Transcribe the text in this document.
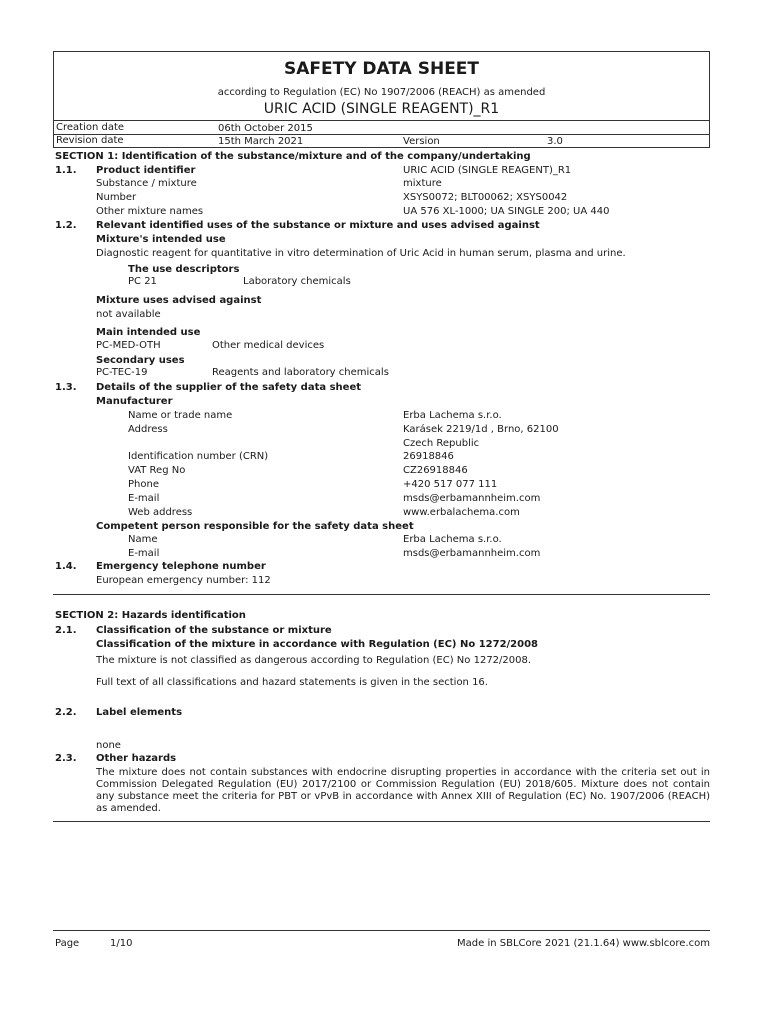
SAFETY DATA SHEET
according to Regulation (EC) No 1907/2006 (REACH) as amended
URIC ACID (SINGLE REAGENT)_R1
Creation date	06th October 2015
Revision date	15th March 2021	Version	3.0
SECTION 1: Identification of the substance/mixture and of the company/undertaking
1.1. Product identifier	URIC ACID (SINGLE REAGENT)_R1
Substance / mixture	mixture
Number	XSYS0072; BLT00062; XSYS0042
Other mixture names	UA 576 XL-1000; UA SINGLE 200; UA 440
1.2. Relevant identified uses of the substance or mixture and uses advised against
Mixture's intended use
Diagnostic reagent for quantitative in vitro determination of Uric Acid in human serum, plasma and urine.
The use descriptors
PC 21	Laboratory chemicals
Mixture uses advised against
not available
Main intended use
PC-MED-OTH	Other medical devices
Secondary uses
PC-TEC-19	Reagents and laboratory chemicals
1.3. Details of the supplier of the safety data sheet
Manufacturer
Name or trade name	Erba Lachema s.r.o.
Address	Karásek 2219/1d , Brno, 62100
Czech Republic
Identification number (CRN)	26918846
VAT Reg No	CZ26918846
Phone	+420 517 077 111
E-mail	msds@erbamannheim.com
Web address	www.erbalachema.com
Competent person responsible for the safety data sheet
Name	Erba Lachema s.r.o.
E-mail	msds@erbamannheim.com
1.4. Emergency telephone number
European emergency number: 112
SECTION 2: Hazards identification
2.1. Classification of the substance or mixture
Classification of the mixture in accordance with Regulation (EC) No 1272/2008
The mixture is not classified as dangerous according to Regulation (EC) No 1272/2008.
Full text of all classifications and hazard statements is given in the section 16.
2.2. Label elements
none
2.3. Other hazards
The mixture does not contain substances with endocrine disrupting properties in accordance with the criteria set out in Commission Delegated Regulation (EU) 2017/2100 or Commission Regulation (EU) 2018/605. Mixture does not contain any substance meet the criteria for PBT or vPvB in accordance with Annex XIII of Regulation (EC) No. 1907/2006 (REACH) as amended.
Page	1/10	Made in SBLCore 2021 (21.1.64) www.sblcore.com
